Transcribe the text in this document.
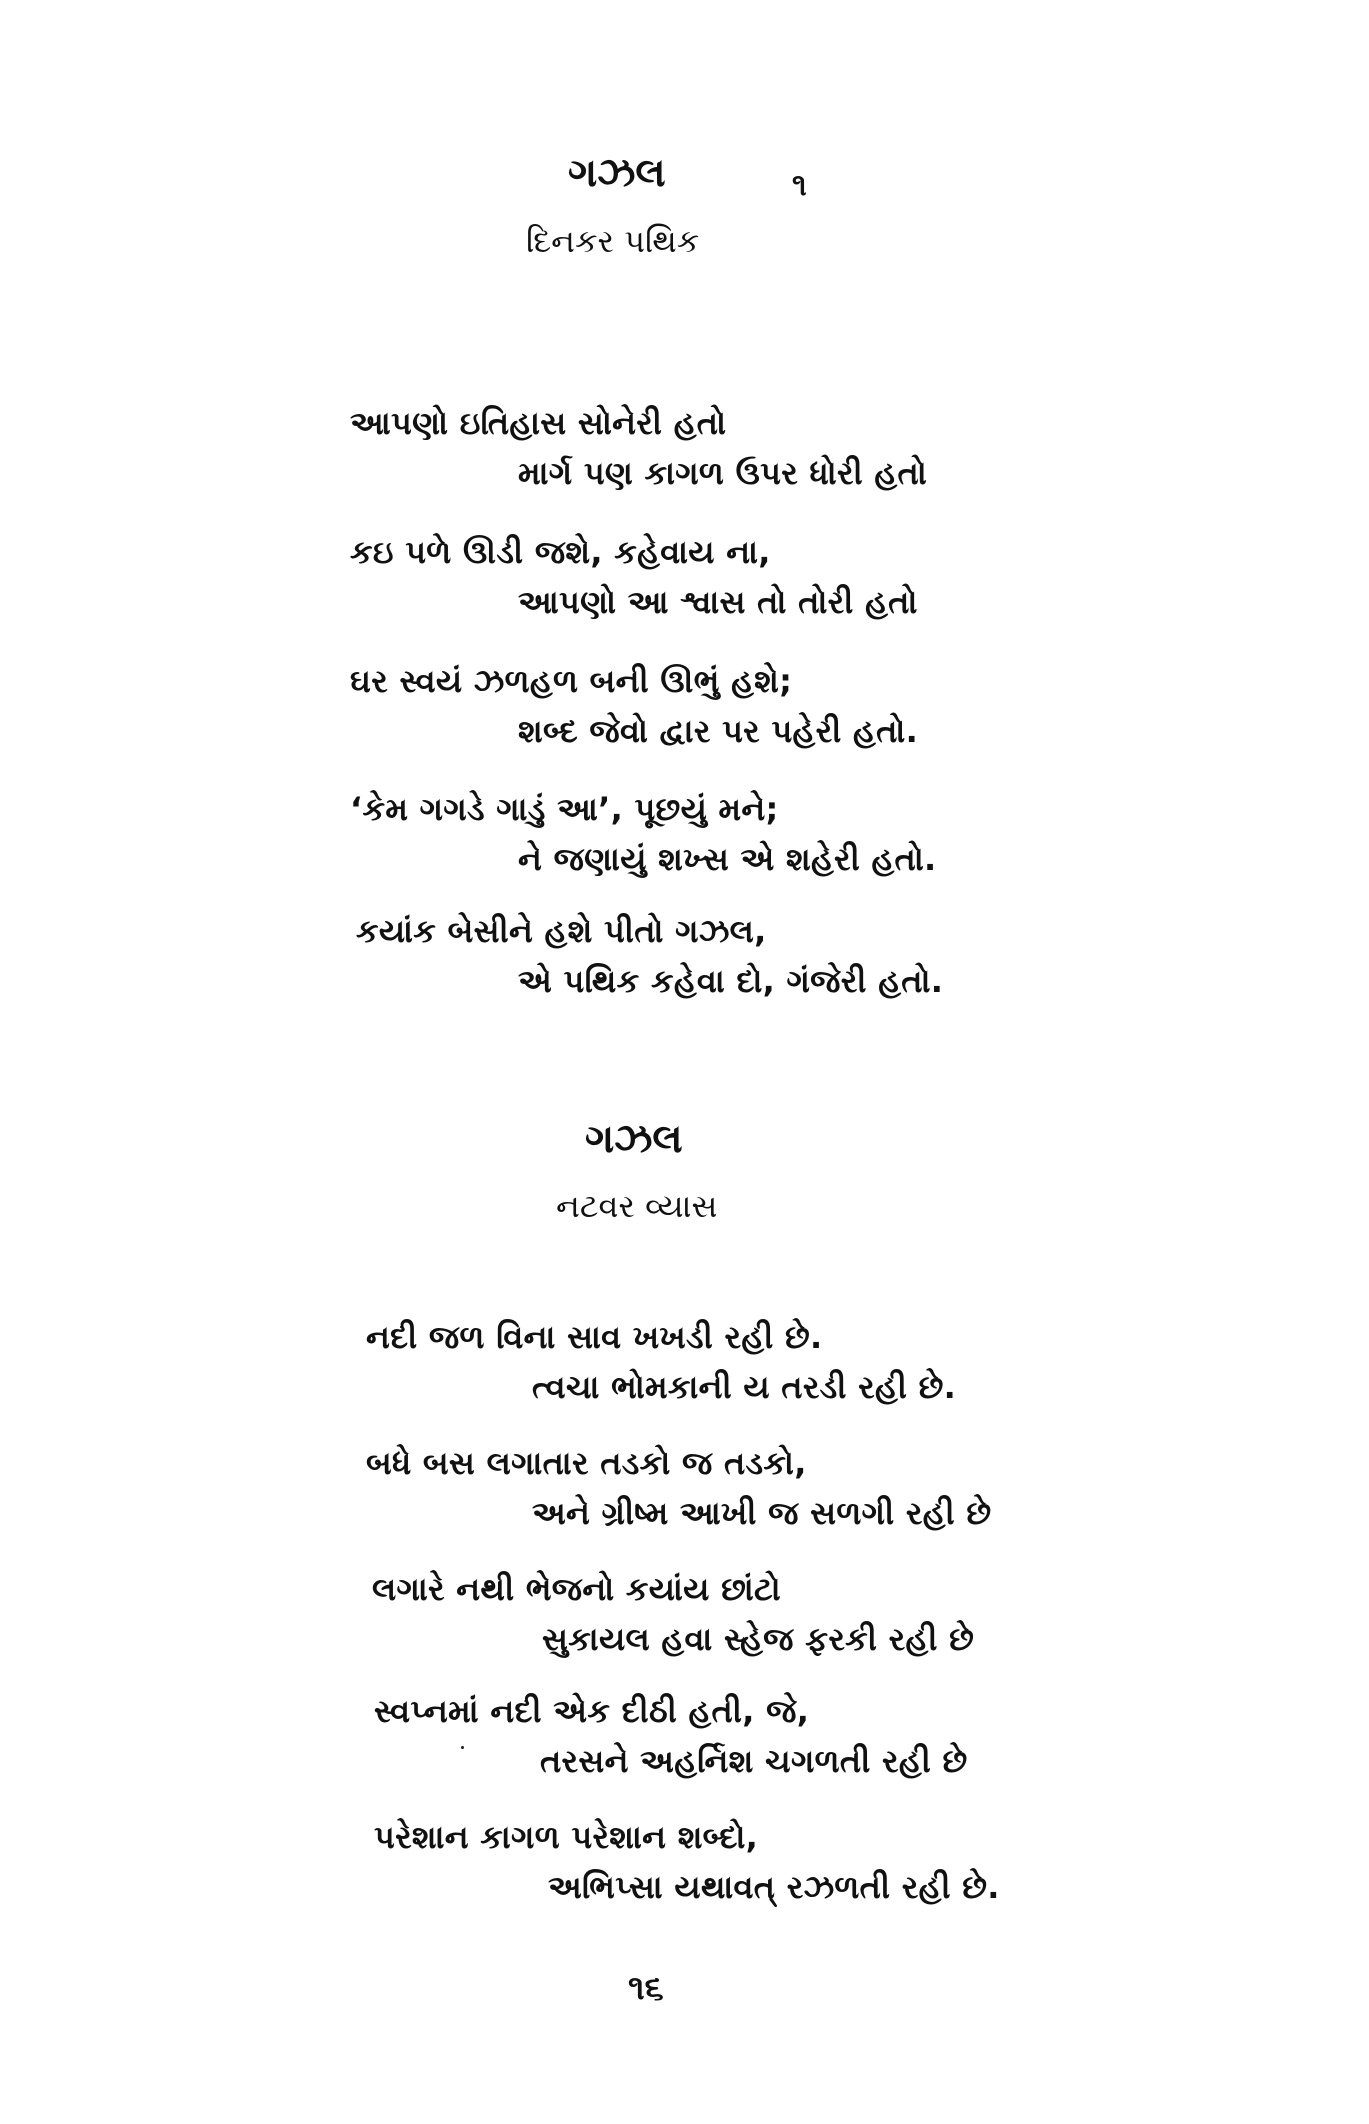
ગઝલ	૧
દિનકર પથિક
આપણો ઇતિહાસ સોનેરી હતો
માર્ગ પણ કાગળ ઉપર ધોરી હતો
કઇ પળે ઊડી જશે, કહેવાય ના,
આપણો આ શ્વાસ તો તોરી હતો
ઘર સ્વયં ઝળહળ બની ઊભું હશે;
શબ્દ જેવો દ્વાર પર પહેરી હતો.
‘કેમ ગગડે ગાડું આ’, પૂછયું મને;
ને જણાયું શખ્સ એ શહેરી હતો.
કયાંક બેસીને હશે પીતો ગઝલ,
એ પથિક કહેવા દો, ગંજેરી હતો.
ગઝલ
નટવર વ્યાસ
નદી જળ વિના સાવ ખખડી રહી છે.
ત્વચા ભોમકાની ય તરડી રહી છે.
બધે બસ લગાતાર તડકો જ તડકો,
અને ગ્રીષ્મ આખી જ સળગી રહી છે
લગારે નથી ભેજનો કયાંય છાંટો
સુકાયલ હવા સ્હેજ ફરકી રહી છે
સ્વપ્નમાં નદી એક દીઠી હતી, જે,
તરસને અહર્નિશ ચગળતી રહી છે
પરેશાન કાગળ પરેશાન શબ્દો,
અભિપ્સા યથાવત્ રઝળતી રહી છે.
૧૬
